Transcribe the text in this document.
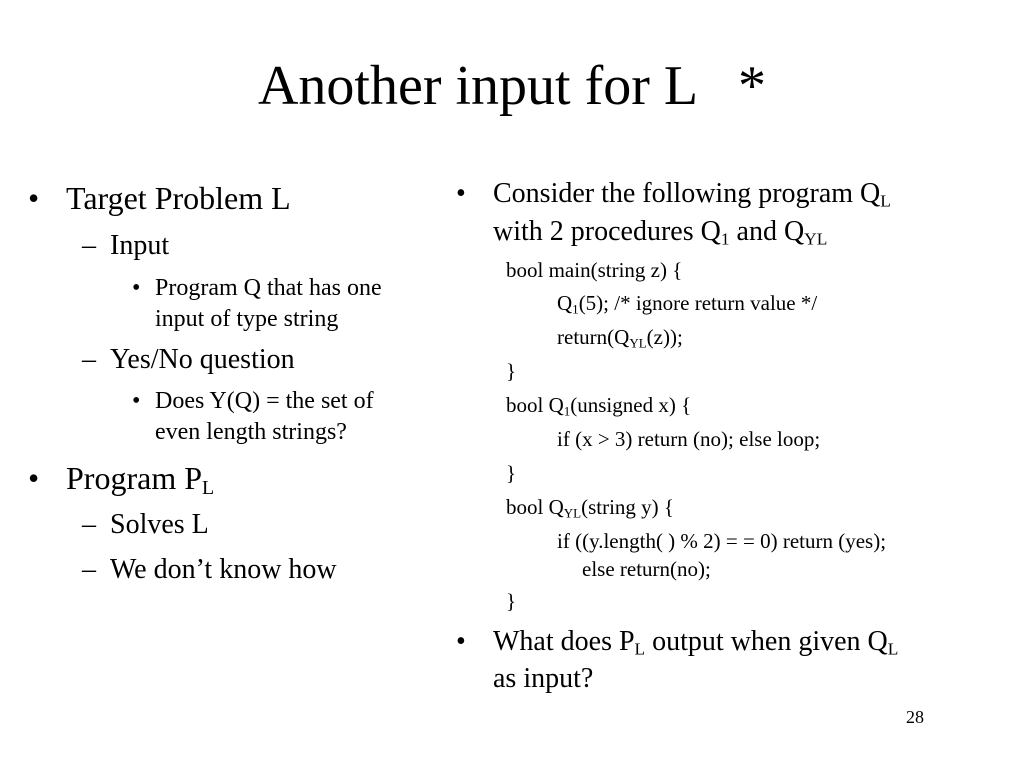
Another input for L   *
• Target Problem L
– Input
• Program Q that has one
input of type string
– Yes/No question
• Does Y(Q) = the set of
even length strings?
• Program $P_L$
– Solves L
– We don’t know how
• Consider the following program $Q_L$
with 2 procedures $Q_1$ and $Q_{YL}$
bool main(string z) {
$Q_1(5)$; /* ignore return value */
$return(Q_{YL}(z))$;
}
bool $Q_1(unsigned$ x) {
if (x > 3) return (no); else loop;
}
bool $Q_{YL}(string$ y) {
if ((y.length( ) % 2) = = 0) return (yes);
else return(no);
}
• What does $P_L$ output when given $Q_L$
as input?
28
